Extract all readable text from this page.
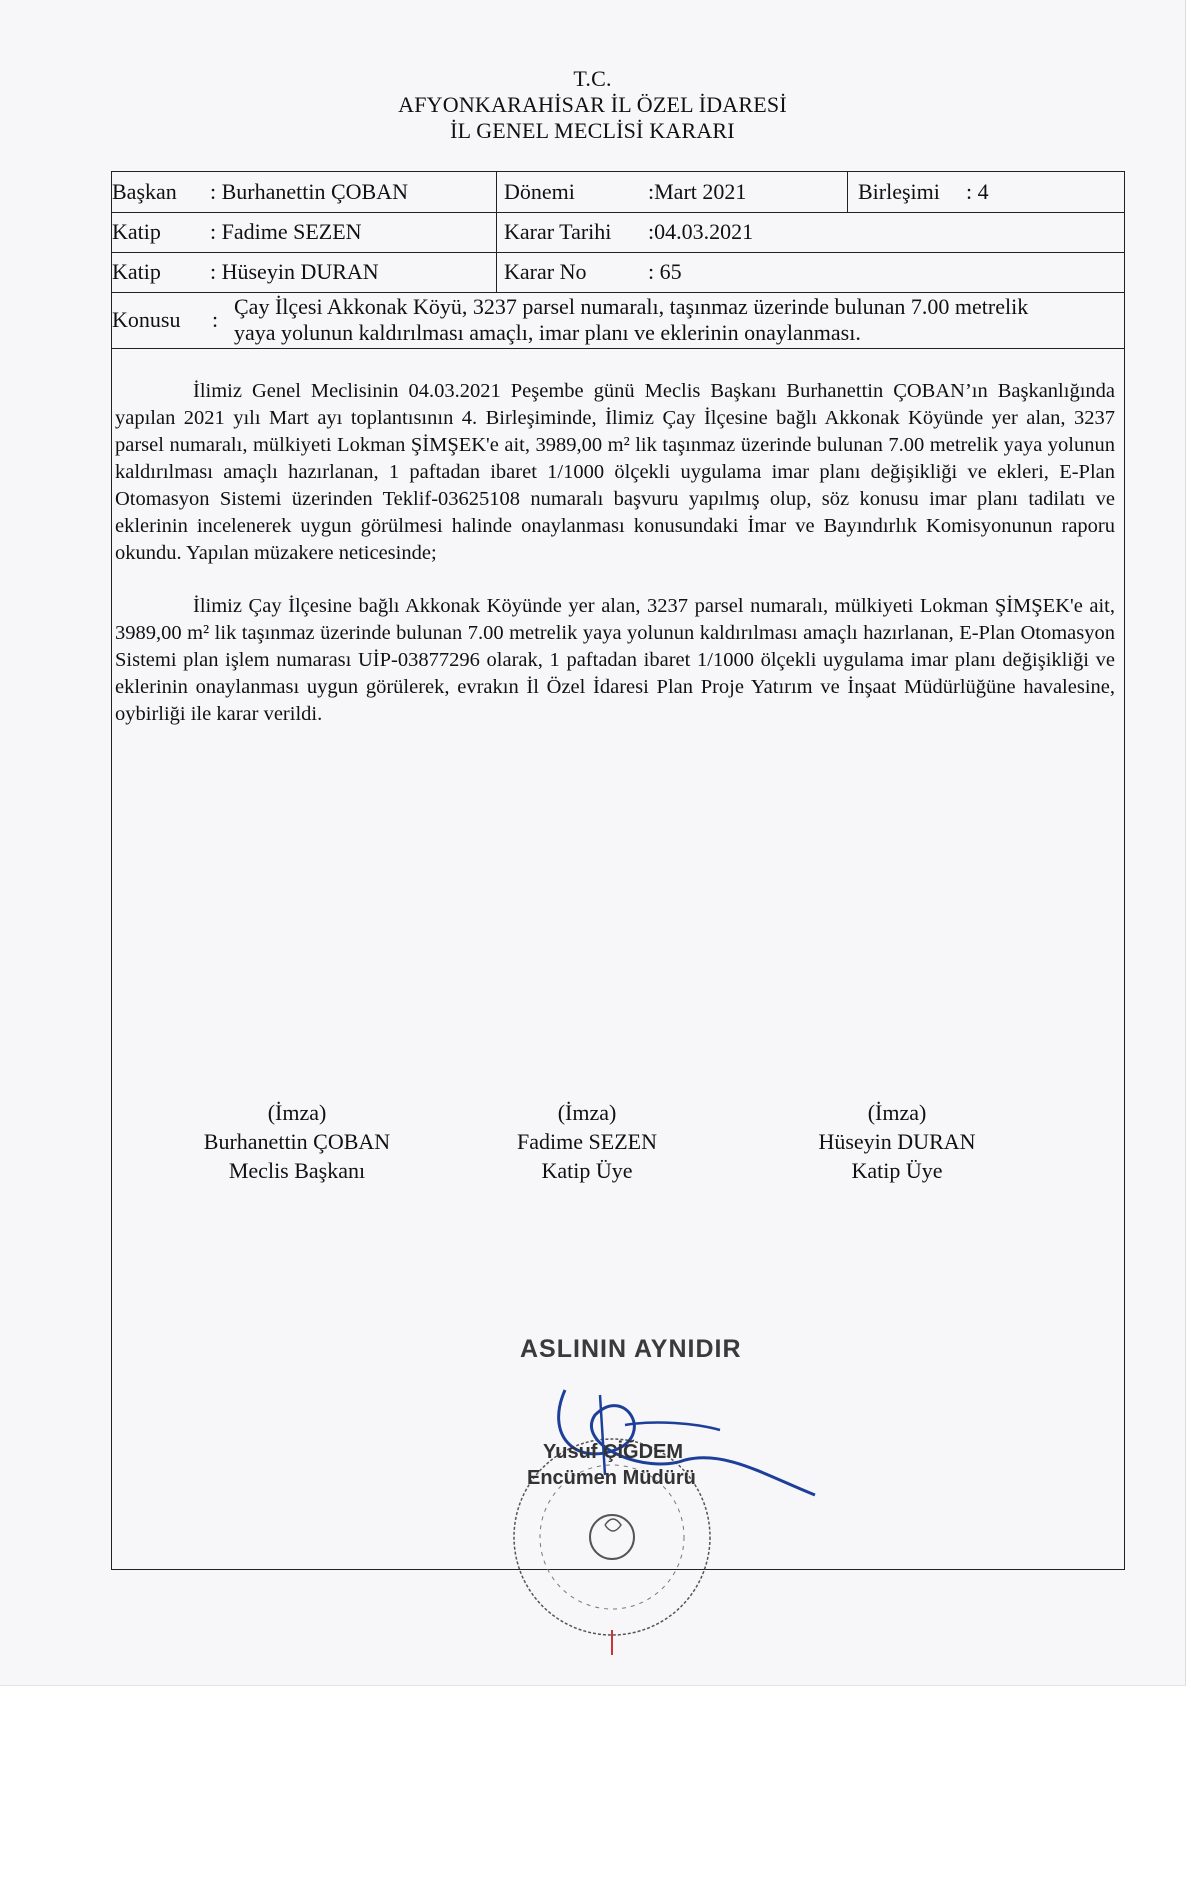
T.C.
AFYONKARAHİSAR İL ÖZEL İDARESİ
İL GENEL MECLİSİ KARARI
Başkan	: Burhanettin ÇOBAN	Dönemi	:Mart 2021	Birleşimi	: 4
Katip	: Fadime SEZEN	Karar Tarihi	:04.03.2021
Katip	: Hüseyin DURAN	Karar No	: 65
Konusu	:
Çay İlçesi Akkonak Köyü, 3237 parsel numaralı, taşınmaz üzerinde bulunan 7.00 metrelik
yaya yolunun kaldırılması amaçlı, imar planı ve eklerinin onaylanması.

İlimiz Genel Meclisinin 04.03.2021 Peşembe günü Meclis Başkanı Burhanettin ÇOBAN’ın Başkanlığında yapılan 2021 yılı Mart ayı toplantısının 4. Birleşiminde, İlimiz Çay İlçesine bağlı Akkonak Köyünde yer alan, 3237 parsel numaralı, mülkiyeti Lokman ŞİMŞEK'e ait, 3989,00 m² lik taşınmaz üzerinde bulunan 7.00 metrelik yaya yolunun kaldırılması amaçlı hazırlanan, 1 paftadan ibaret 1/1000 ölçekli uygulama imar planı değişikliği ve ekleri, E-Plan Otomasyon Sistemi üzerinden Teklif-03625108 numaralı başvuru yapılmış olup, söz konusu imar planı tadilatı ve eklerinin incelenerek uygun görülmesi halinde onaylanması konusundaki İmar ve Bayındırlık Komisyonunun raporu okundu. Yapılan müzakere neticesinde;

İlimiz Çay İlçesine bağlı Akkonak Köyünde yer alan, 3237 parsel numaralı, mülkiyeti Lokman ŞİMŞEK'e ait, 3989,00 m² lik taşınmaz üzerinde bulunan 7.00 metrelik yaya yolunun kaldırılması amaçlı hazırlanan, E-Plan Otomasyon Sistemi plan işlem numarası UİP-03877296 olarak, 1 paftadan ibaret 1/1000 ölçekli uygulama imar planı değişikliği ve eklerinin onaylanması uygun görülerek, evrakın İl Özel İdaresi Plan Proje Yatırım ve İnşaat Müdürlüğüne havalesine, oybirliği ile karar verildi.

(İmza)
Burhanettin ÇOBAN
Meclis Başkanı
(İmza)
Fadime SEZEN
Katip Üye
(İmza)
Hüseyin DURAN
Katip Üye
ASLININ AYNIDIR
Yusuf ÇİĞDEM
Encümen Müdürü
